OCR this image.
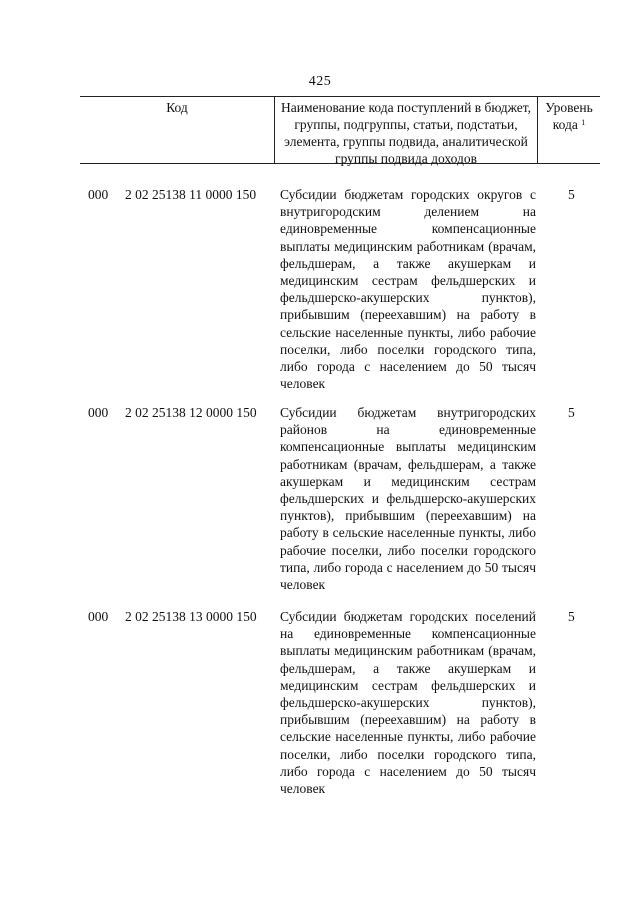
425
Код	Наименование кода поступлений в бюджет, группы, подгруппы, статьи, подстатьи, элемента, группы подвида, аналитической группы подвида доходов
Уровень кода $^1$
000 2 02 25138 11 0000 150 Субсидии бюджетам городских округов с внутригородским делением на единовременные компенсационные выплаты медицинским работникам (врачам, фельдшерам, а также акушеркам и медицинским сестрам фельдшерских и фельдшерско-акушерских пунктов), прибывшим (переехавшим) на работу в сельские населенные пункты, либо рабочие поселки, либо поселки городского типа, либо города с населением до 50 тысяч человек
5
000 2 02 25138 12 0000 150 Субсидии бюджетам внутригородских районов на единовременные компенсационные выплаты медицинским работникам (врачам, фельдшерам, а также акушеркам и медицинским сестрам фельдшерских и фельдшерско-акушерских пунктов), прибывшим (переехавшим) на работу в сельские населенные пункты, либо рабочие поселки, либо поселки городского типа, либо города с населением до 50 тысяч человек
5
000 2 02 25138 13 0000 150 Субсидии бюджетам городских поселений на единовременные компенсационные выплаты медицинским работникам (врачам, фельдшерам, а также акушеркам и медицинским сестрам фельдшерских и фельдшерско-акушерских пунктов), прибывшим (переехавшим) на работу в сельские населенные пункты, либо рабочие поселки, либо поселки городского типа, либо города с населением до 50 тысяч человек
5
